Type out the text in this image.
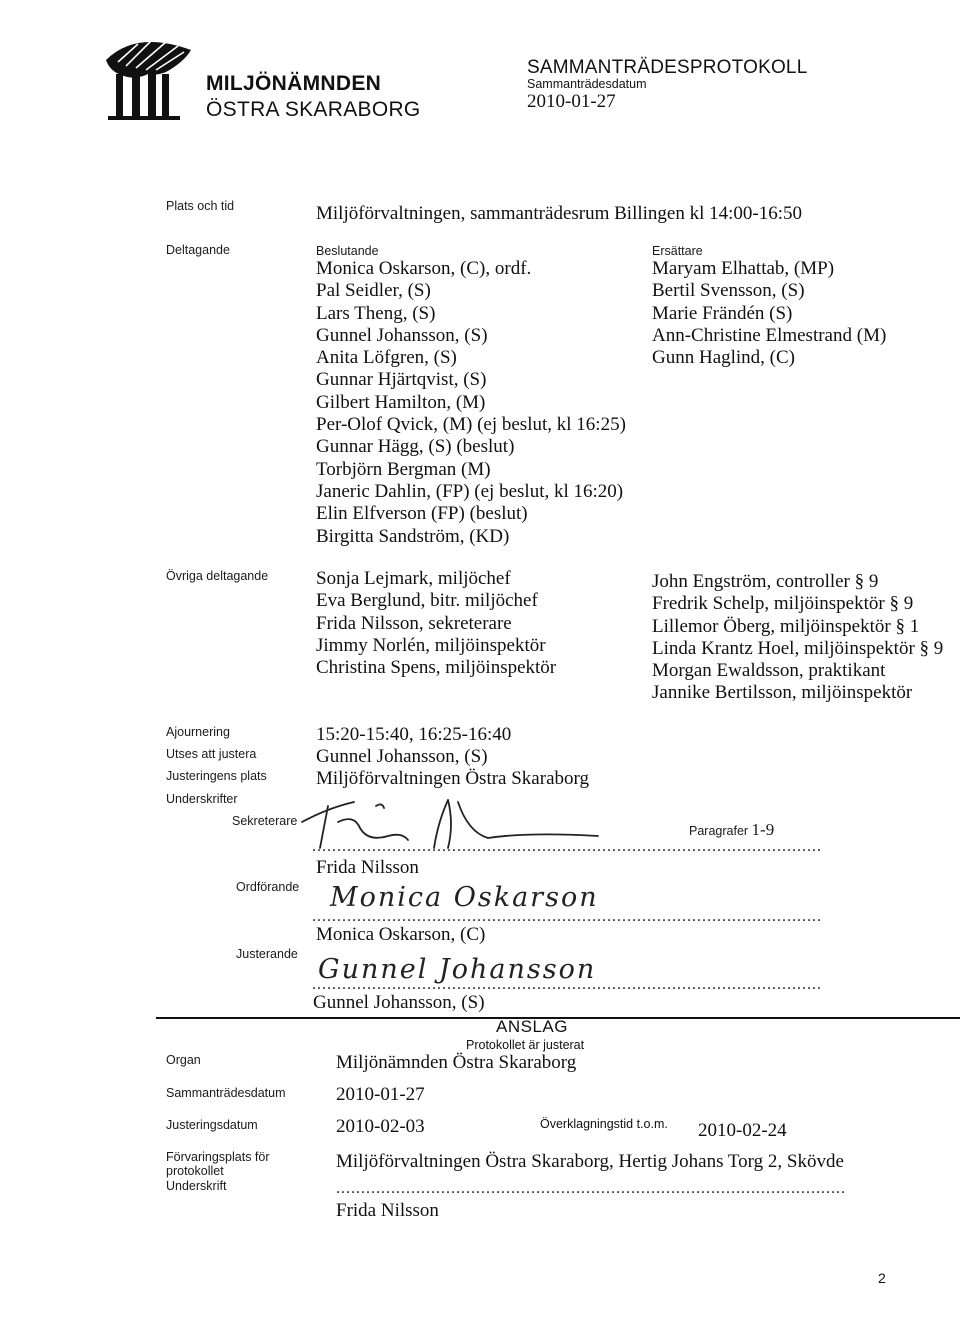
MILJÖNÄMNDEN
ÖSTRA SKARABORG
SAMMANTRÄDESPROTOKOLL
Sammanträdesdatum
2010-01-27
Plats och tid	Miljöförvaltningen, sammanträdesrum Billingen kl 14:00-16:50
Deltagande	Beslutande
Monica Oskarson, (C), ordf.
Pal Seidler, (S)
Lars Theng, (S)
Gunnel Johansson, (S)
Anita Löfgren, (S)
Gunnar Hjärtqvist, (S)
Gilbert Hamilton, (M)
Per-Olof Qvick, (M) (ej beslut, kl 16:25)
Gunnar Hägg, (S) (beslut)
Torbjörn Bergman (M)
Janeric Dahlin, (FP) (ej beslut, kl 16:20)
Elin Elfverson (FP) (beslut)
Birgitta Sandström, (KD)
Ersättare
Maryam Elhattab, (MP)
Bertil Svensson, (S)
Marie Frändén (S)
Ann-Christine Elmestrand (M)
Gunn Haglind, (C)
Övriga deltagande	Sonja Lejmark, miljöchef
Eva Berglund, bitr. miljöchef
Frida Nilsson, sekreterare
Jimmy Norlén, miljöinspektör
Christina Spens, miljöinspektör
John Engström, controller § 9
Fredrik Schelp, miljöinspektör § 9
Lillemor Öberg, miljöinspektör § 1
Linda Krantz Hoel, miljöinspektör § 9
Morgan Ewaldsson, praktikant
Jannike Bertilsson, miljöinspektör
Ajournering	15:20-15:40, 16:25-16:40
Utses att justera	Gunnel Johansson, (S)
Justeringens plats	Miljöförvaltningen Östra Skaraborg
Underskrifter
Sekreterare
......................................................................................................
Frida Nilsson
Paragrafer 1-9
Ordförande
......................................................................................................
Monica Oskarson
Monica Oskarson, (C)
Justerande
......................................................................................................
Gunnel Johansson
Gunnel Johansson, (S)
ANSLAG
Protokollet är justerat
Organ	Miljönämnden Östra Skaraborg
Sammanträdesdatum	2010-01-27
Justeringsdatum	2010-02-03	Överklagningstid t.o.m. 2010-02-24
Förvaringsplats för protokollet	Miljöförvaltningen Östra Skaraborg, Hertig Johans Torg 2, Skövde
Underskrift	......................................................................................................
Frida Nilsson
2
